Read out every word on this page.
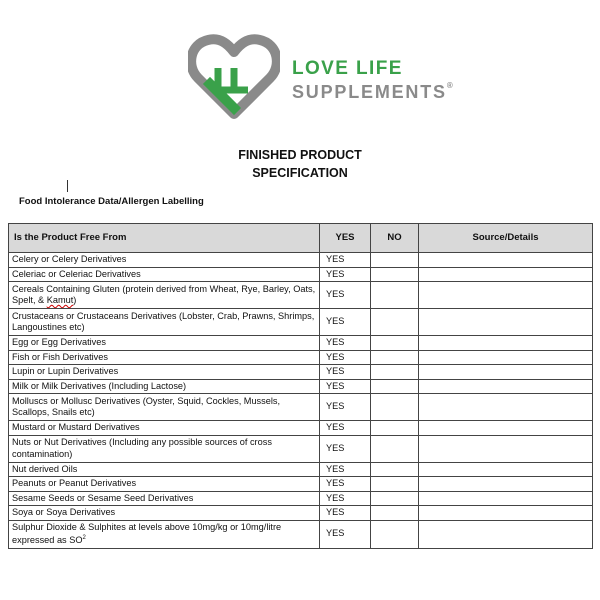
LOVE LIFE
SUPPLEMENTS®
FINISHED PRODUCT
SPECIFICATION
Food Intolerance Data/Allergen Labelling
Is the Product Free From	YES	NO	Source/Details
Celery or Celery Derivatives	YES		
Celeriac or Celeriac Derivatives	YES		
Cereals Containing Gluten (protein derived from Wheat, Rye, Barley, Oats, Spelt, & Kamut)	YES		
Crustaceans or Crustaceans Derivatives (Lobster, Crab, Prawns, Shrimps, Langoustines etc)	YES		
Egg or Egg Derivatives	YES		
Fish or Fish Derivatives	YES		
Lupin or Lupin Derivatives	YES		
Milk or Milk Derivatives (Including Lactose)	YES		
Molluscs or Mollusc Derivatives (Oyster, Squid, Cockles, Mussels, Scallops, Snails etc)	YES		
Mustard or Mustard Derivatives	YES		
Nuts or Nut Derivatives (Including any possible sources of cross contamination)	YES		
Nut derived Oils	YES		
Peanuts or Peanut Derivatives	YES		
Sesame Seeds or Sesame Seed Derivatives	YES		
Soya or Soya Derivatives	YES		
Sulphur Dioxide & Sulphites at levels above 10mg/kg or 10mg/litre expressed as $SO^2$	YES		
